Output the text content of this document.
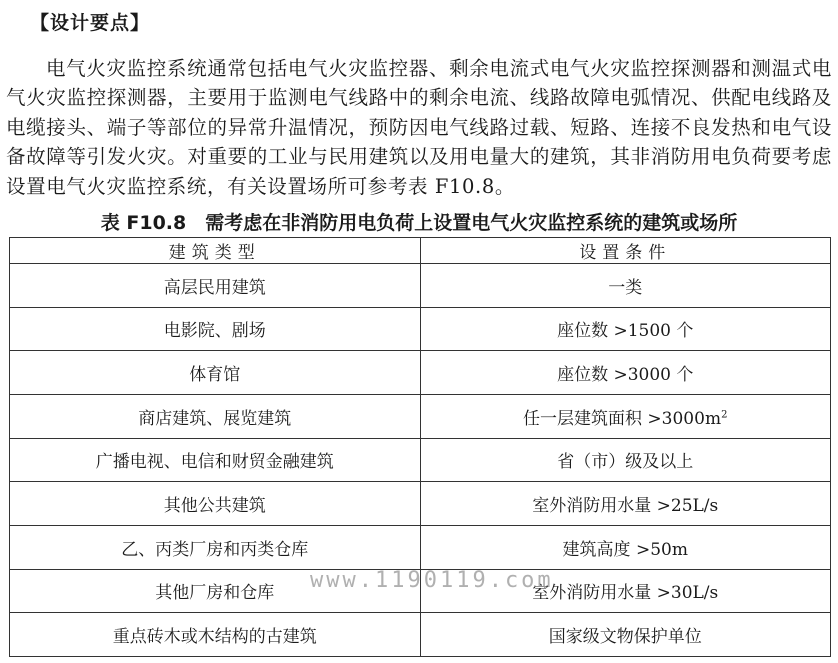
【设计要点】

电气火灾监控系统通常包括电气火灾监控器、剩余电流式电气火灾监控探测器和测温式电气火灾监控探测器，主要用于监测电气线路中的剩余电流、线路故障电弧情况、供配电线路及电缆接头、端子等部位的异常升温情况，预防因电气线路过载、短路、连接不良发热和电气设备故障等引发火灾。对重要的工业与民用建筑以及用电量大的建筑，其非消防用电负荷要考虑设置电气火灾监控系统，有关设置场所可参考表 F10.8。

表 F10.8　需考虑在非消防用电负荷上设置电气火灾监控系统的建筑或场所
建筑类型	设置条件
高层民用建筑	一类
电影院、剧场	座位数 >1500 个
体育馆	座位数 >3000 个
商店建筑、展览建筑	任一层建筑面积 $>3000m^2$
广播电视、电信和财贸金融建筑	省（市）级及以上
其他公共建筑	室外消防用水量 >25L/s
乙、丙类厂房和丙类仓库	建筑高度 >50m
其他厂房和仓库	室外消防用水量 >30L/s
重点砖木或木结构的古建筑	国家级文物保护单位
www.1190119.com
